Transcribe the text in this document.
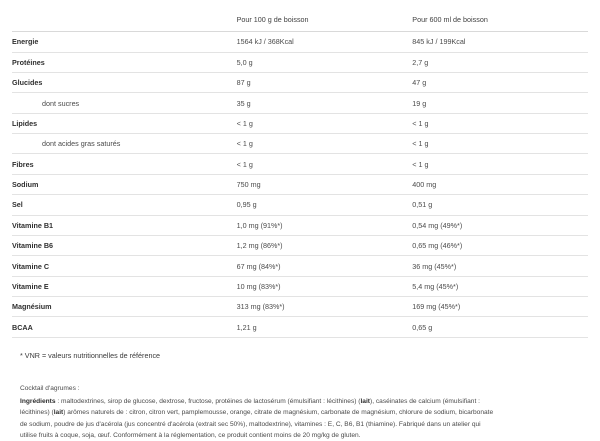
	Pour 100 g de boisson	Pour 600 ml de boisson
Energie	1564 kJ / 368Kcal	845 kJ / 199Kcal
Protéines	5,0 g	2,7 g
Glucides	87 g	47 g
dont sucres	35 g	19 g
Lipides	< 1 g	< 1 g
dont acides gras saturés	< 1 g	< 1 g
Fibres	< 1 g	< 1 g
Sodium	750 mg	400 mg
Sel	0,95 g	0,51 g
Vitamine B1	1,0 mg (91%*)	0,54 mg (49%*)
Vitamine B6	1,2 mg (86%*)	0,65 mg (46%*)
Vitamine C	67 mg (84%*)	36 mg (45%*)
Vitamine E	10 mg (83%*)	5,4 mg (45%*)
Magnésium	313 mg (83%*)	169 mg (45%*)
BCAA	1,21 g	0,65 g
* VNR = valeurs nutritionnelles de référence

Cocktail d'agrumes :

Ingrédients : maltodextrines, sirop de glucose, dextrose, fructose, protéines de lactosérum (émulsifiant : lécithines) (lait), caséinates de calcium (émulsifiant : lécithines) (lait) arômes naturels de : citron, citron vert, pamplemousse, orange, citrate de magnésium, carbonate de magnésium, chlorure de sodium, bicarbonate de sodium, poudre de jus d'acérola (jus concentré d'acérola (extrait sec 50%), maltodextrine), vitamines : E, C, B6, B1 (thiamine). Fabriqué dans un atelier qui utilise fruits à coque, soja, œuf. Conformément à la réglementation, ce produit contient moins de 20 mg/kg de gluten.
